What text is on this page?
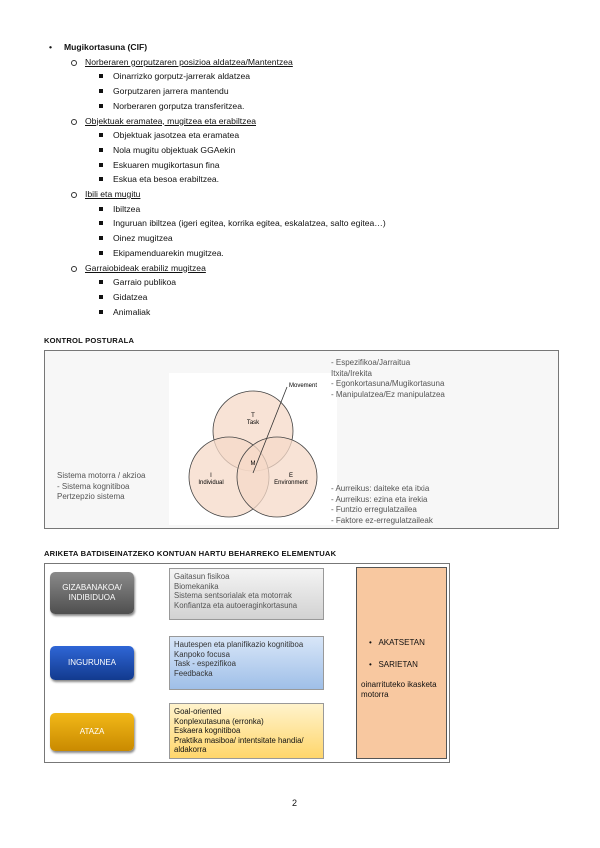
• Mugikortasuna (CIF)
Norberaren gorputzaren posizioa aldatzea/Mantentzea
Oinarrizko gorputz-jarrerak aldatzea
Gorputzaren jarrera mantendu
Norberaren gorputza transferitzea.
Objektuak eramatea, mugitzea eta erabiltzea
Objektuak jasotzea eta eramatea
Nola mugitu objektuak GGAekin
Eskuaren mugikortasun fina
Eskua eta besoa erabiltzea.
Ibili eta mugitu
Ibiltzea
Inguruan ibiltzea (igeri egitea, korrika egitea, eskalatzea, salto egitea…)
Oinez mugitzea
Ekipamenduarekin mugitzea.
Garraiobideak erabiliz mugitzea
Garraio publikoa
Gidatzea
Animaliak
KONTROL POSTURALA
Sistema motorra / akzioa
- Sistema kognitiboa
Pertzepzio sistema
Movement
T
Task
I
Individual
E
Environment
M
- Espezifikoa/Jarraitua
Itxita/Irekita
- Egonkortasuna/Mugikortasuna
- Manipulatzea/Ez manipulatzea
- Aurreikus: daiteke eta itxia
- Aurreikus: ezina eta irekia
- Funtzio erregulatzailea
- Faktore ez-erregulatzaileak
ARIKETA BATDISEINATZEKO KONTUAN HARTU BEHARREKO ELEMENTUAK
GIZABANAKOA/
INDIBIDUOA
Gaitasun fisikoa
Biomekanika
Sistema sentsorialak eta motorrak
Konfiantza eta autoeraginkortasuna
INGURUNEA
Hautespen eta planifikazio kognitiboa
Kanpoko focusa
Task - espezifikoa
Feedbacka
ATAZA
Goal-oriented
Konplexutasuna (erronka)
Eskaera kognitiboa
Praktika masiboa/ intentsitate handia/ aldakorra
•   AKATSETAN
•   SARIETAN
oinarrituteko ikasketa motorra
2
